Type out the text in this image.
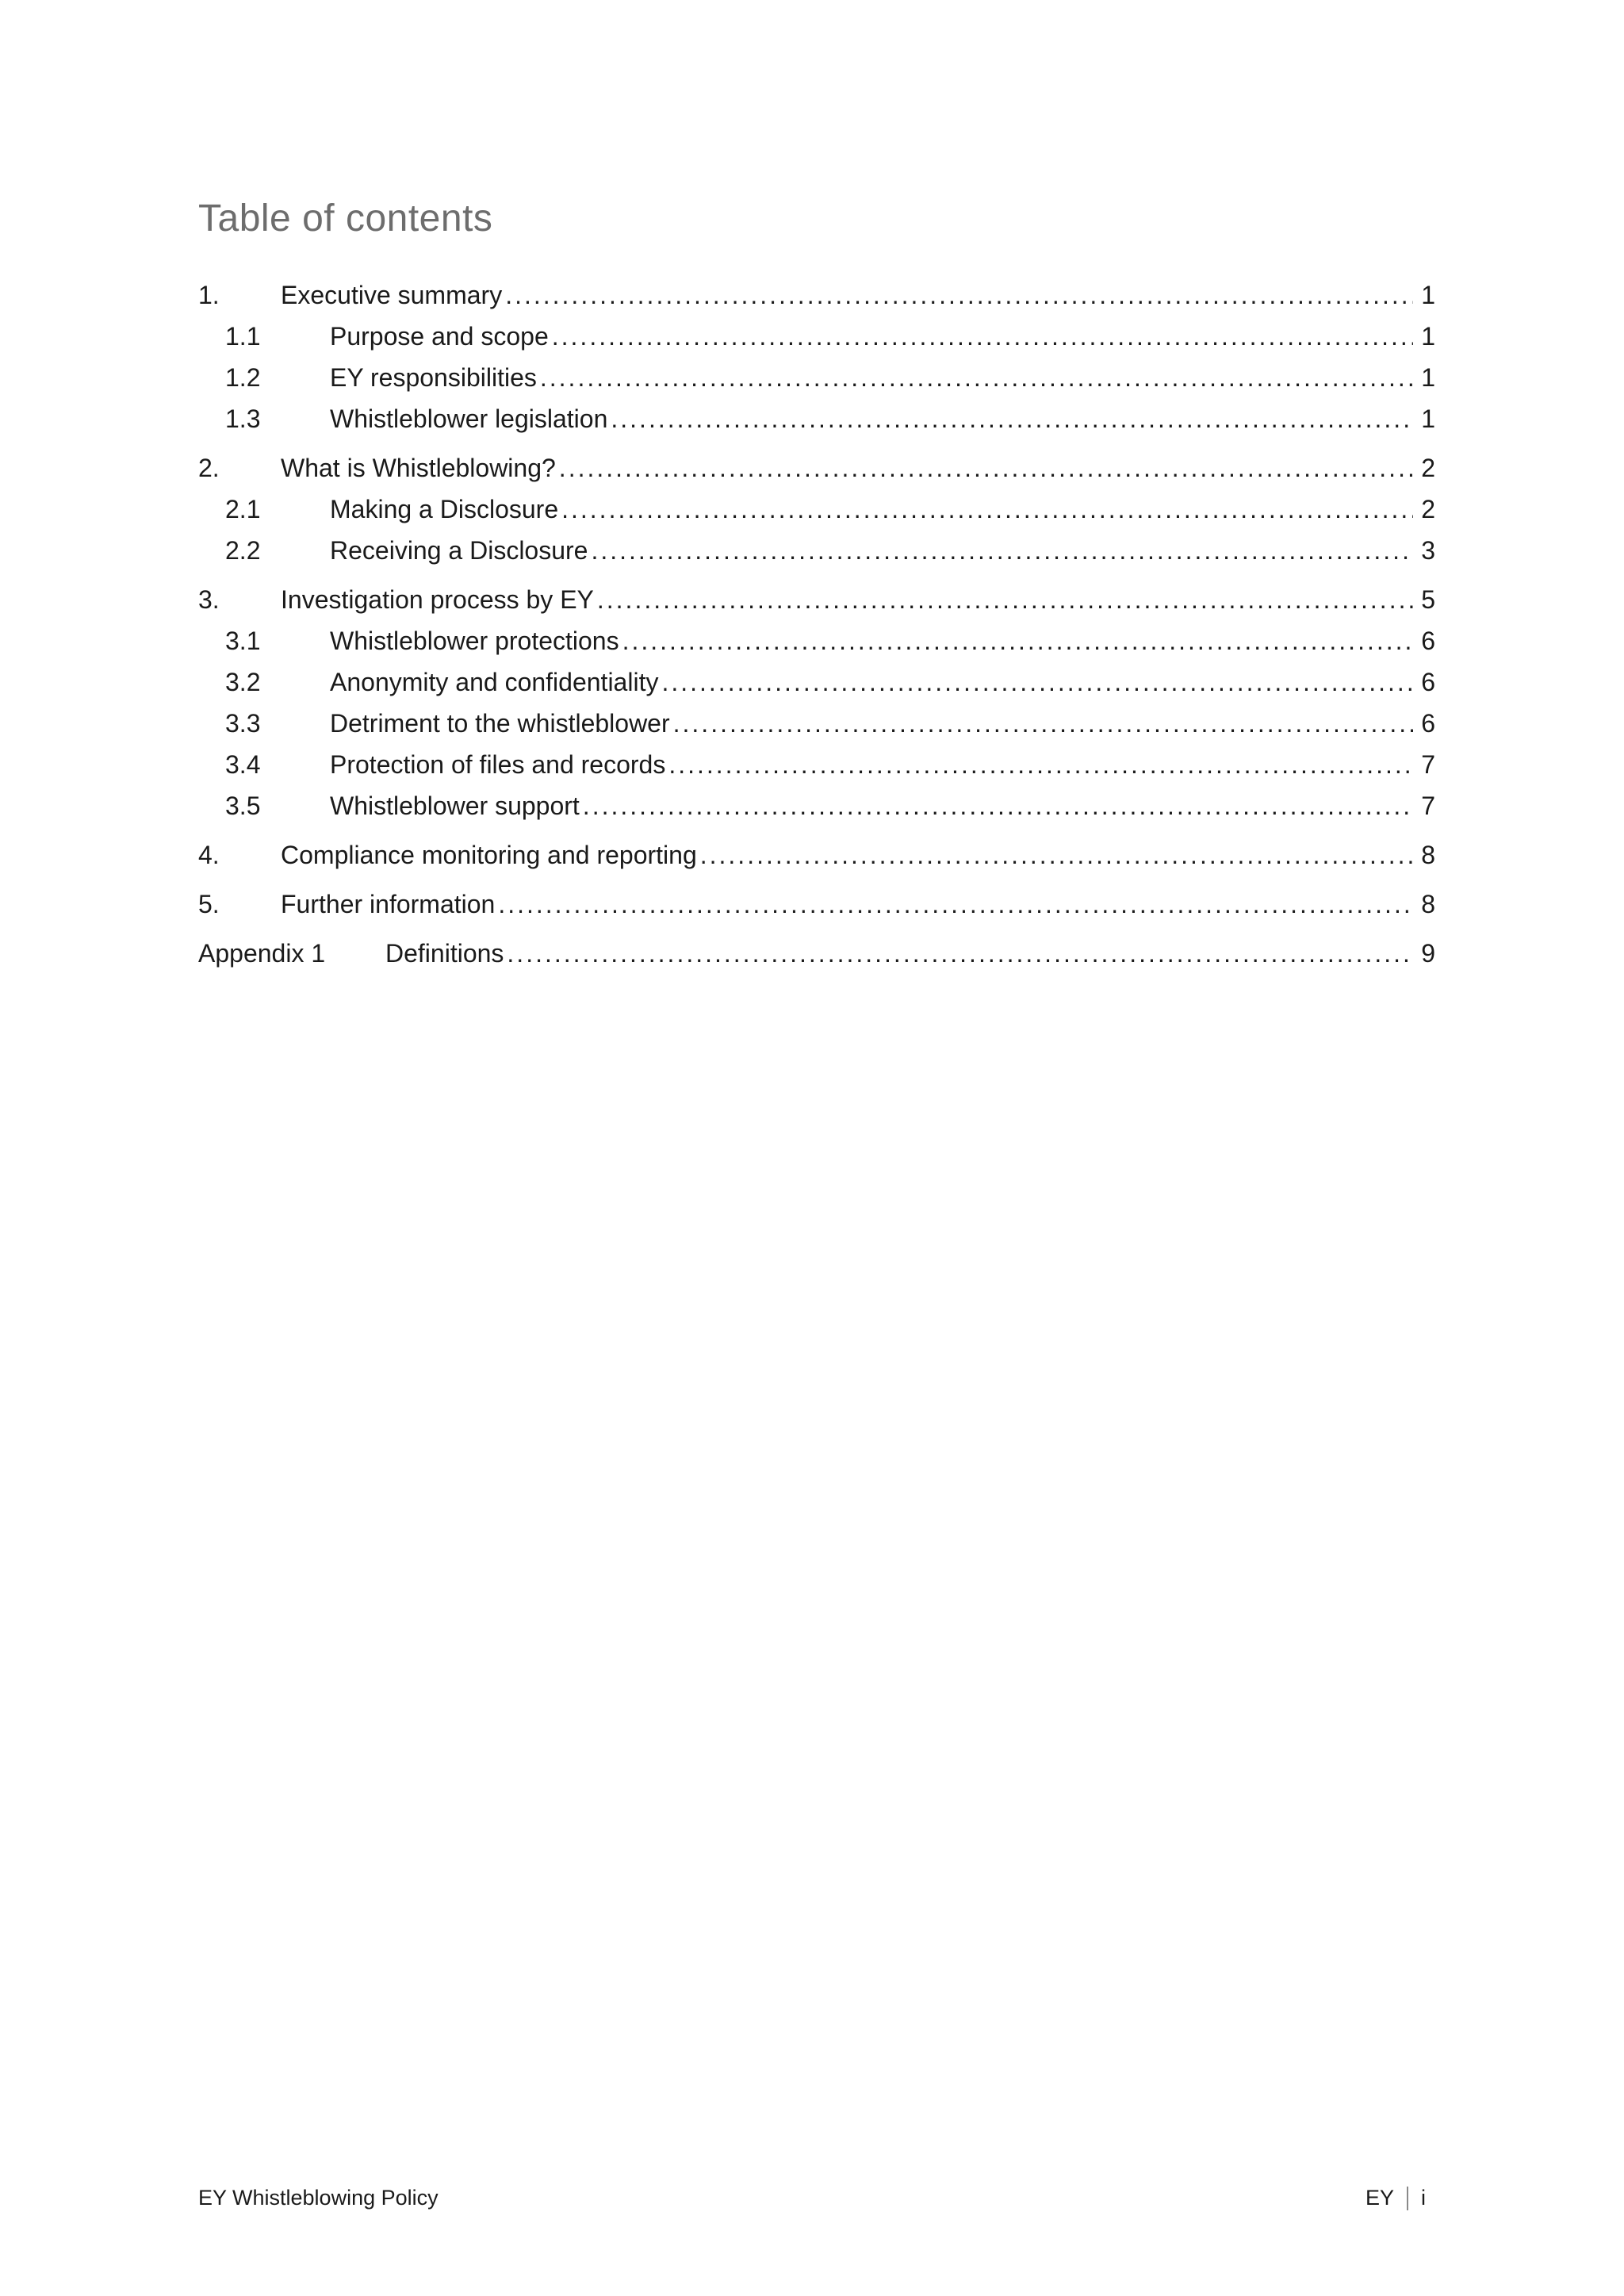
Table of contents
1.	Executive summary .....	1
1.1	Purpose and scope .....	1
1.2	EY responsibilities .....	1
1.3	Whistleblower legislation .....	1
2.	What is Whistleblowing? .....	2
2.1	Making a Disclosure .....	2
2.2	Receiving a Disclosure .....	3
3.	Investigation process by EY .....	5
3.1	Whistleblower protections .....	6
3.2	Anonymity and confidentiality .....	6
3.3	Detriment to the whistleblower .....	6
3.4	Protection of files and records .....	7
3.5	Whistleblower support .....	7
4.	Compliance monitoring and reporting .....	8
5.	Further information .....	8
Appendix 1	Definitions .....	9
EY Whistleblowing Policy	EY i
